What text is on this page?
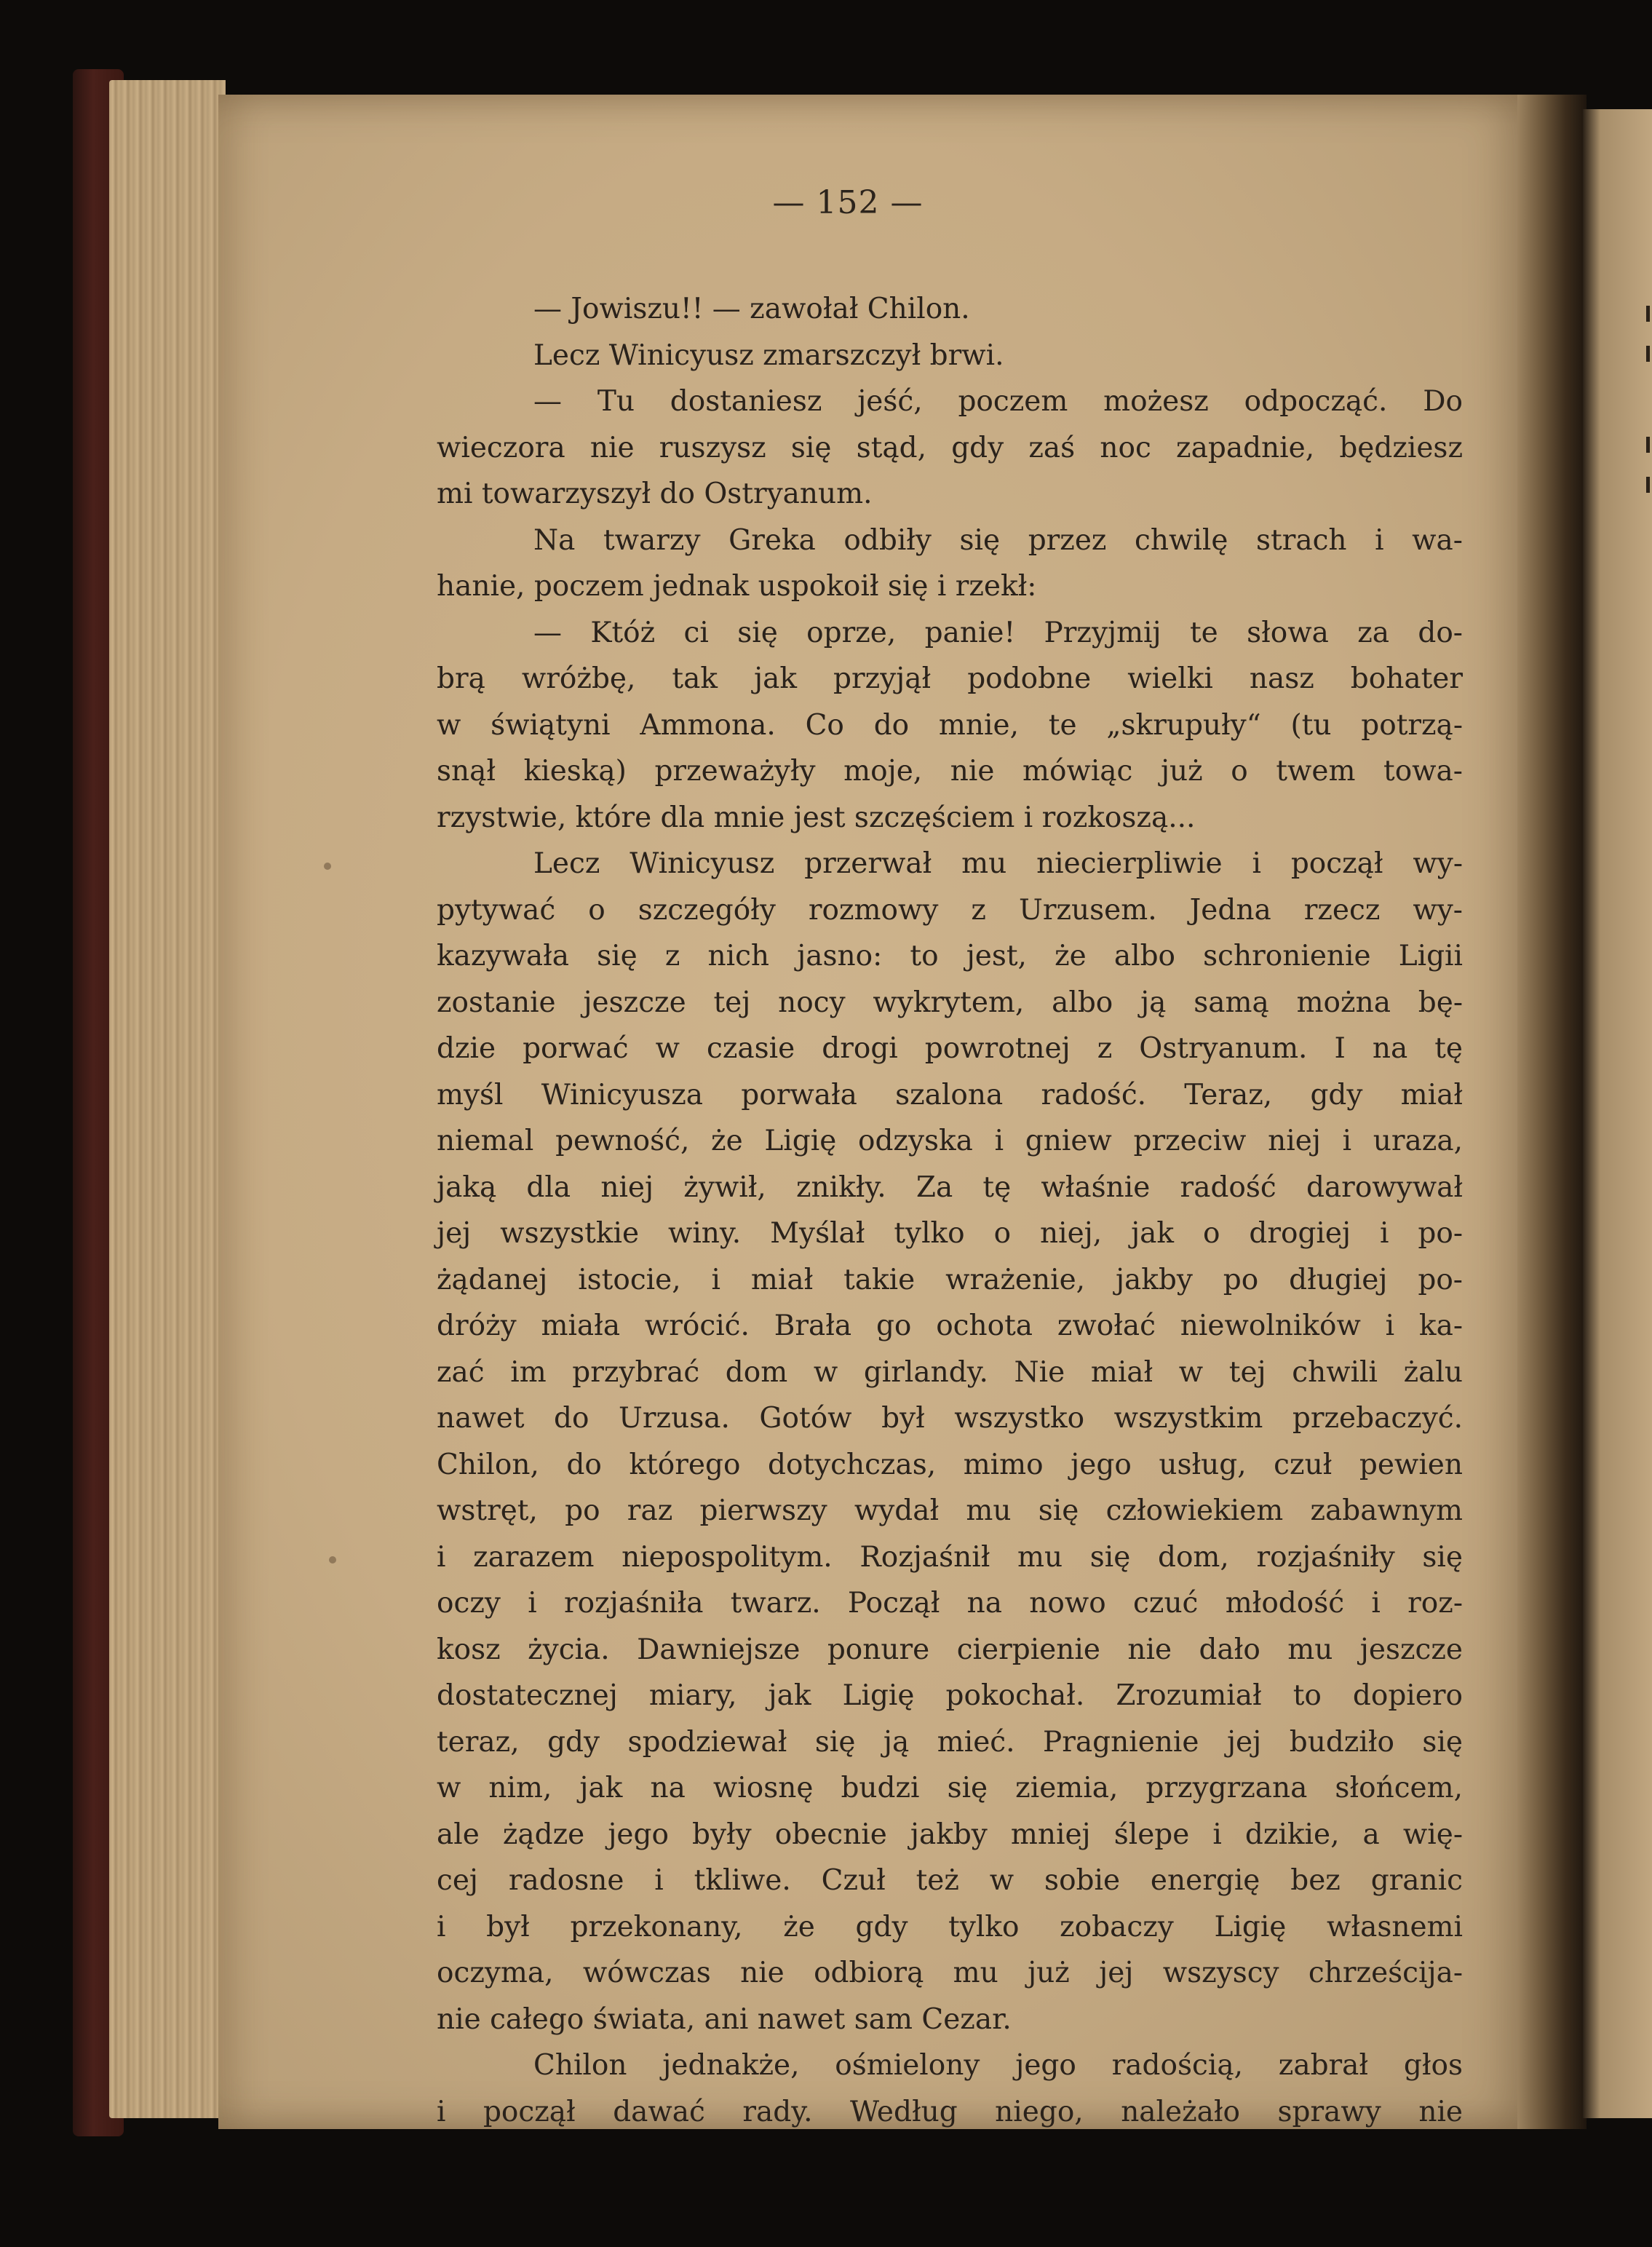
— 152 —
— Jowiszu!! — zawołał Chilon.
Lecz Winicyusz zmarszczył brwi.
— Tu dostaniesz jeść, poczem możesz odpocząć. Do
wieczora nie ruszysz się stąd, gdy zaś noc zapadnie, będziesz
mi towarzyszył do Ostryanum.
Na twarzy Greka odbiły się przez chwilę strach i wa-
hanie, poczem jednak uspokoił się i rzekł:
— Któż ci się oprze, panie! Przyjmij te słowa za do-
brą wróżbę, tak jak przyjął podobne wielki nasz bohater
w świątyni Ammona. Co do mnie, te „skrupuły“ (tu potrzą-
snął kieską) przeważyły moje, nie mówiąc już o twem towa-
rzystwie, które dla mnie jest szczęściem i rozkoszą...
Lecz Winicyusz przerwał mu niecierpliwie i począł wy-
pytywać o szczegóły rozmowy z Urzusem. Jedna rzecz wy-
kazywała się z nich jasno: to jest, że albo schronienie Ligii
zostanie jeszcze tej nocy wykrytem, albo ją samą można bę-
dzie porwać w czasie drogi powrotnej z Ostryanum. I na tę
myśl Winicyusza porwała szalona radość. Teraz, gdy miał
niemal pewność, że Ligię odzyska i gniew przeciw niej i uraza,
jaką dla niej żywił, znikły. Za tę właśnie radość darowywał
jej wszystkie winy. Myślał tylko o niej, jak o drogiej i po-
żądanej istocie, i miał takie wrażenie, jakby po długiej po-
dróży miała wrócić. Brała go ochota zwołać niewolników i ka-
zać im przybrać dom w girlandy. Nie miał w tej chwili żalu
nawet do Urzusa. Gotów był wszystko wszystkim przebaczyć.
Chilon, do którego dotychczas, mimo jego usług, czuł pewien
wstręt, po raz pierwszy wydał mu się człowiekiem zabawnym
i zarazem niepospolitym. Rozjaśnił mu się dom, rozjaśniły się
oczy i rozjaśniła twarz. Począł na nowo czuć młodość i roz-
kosz życia. Dawniejsze ponure cierpienie nie dało mu jeszcze
dostatecznej miary, jak Ligię pokochał. Zrozumiał to dopiero
teraz, gdy spodziewał się ją mieć. Pragnienie jej budziło się
w nim, jak na wiosnę budzi się ziemia, przygrzana słońcem,
ale żądze jego były obecnie jakby mniej ślepe i dzikie, a wię-
cej radosne i tkliwe. Czuł też w sobie energię bez granic
i był przekonany, że gdy tylko zobaczy Ligię własnemi
oczyma, wówczas nie odbiorą mu już jej wszyscy chrześcija-
nie całego świata, ani nawet sam Cezar.
Chilon jednakże, ośmielony jego radością, zabrał głos
i począł dawać rady. Według niego, należało sprawy nie
